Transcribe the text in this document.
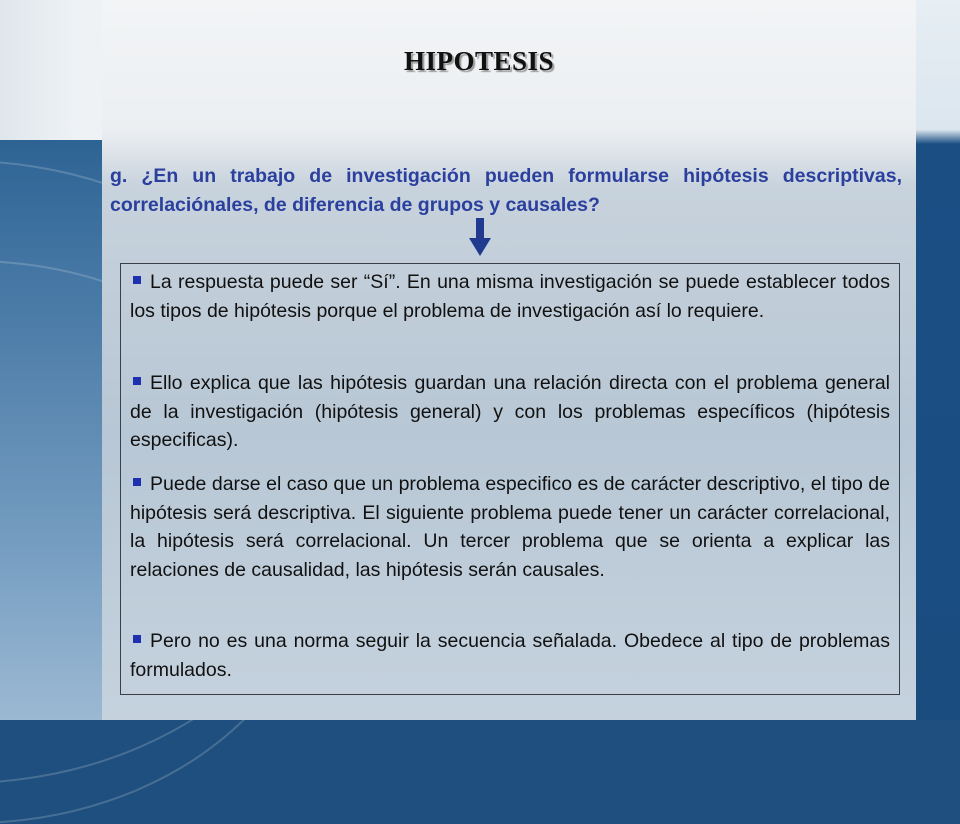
HIPOTESIS
g. ¿En un trabajo de investigación pueden formularse hipótesis descriptivas, correlaciónales, de diferencia de grupos y causales?
La respuesta puede ser “Sí”. En una misma investigación se puede establecer todos los tipos de hipótesis porque el problema de investigación así lo requiere.
Ello explica que las hipótesis guardan una relación directa con el problema general de la investigación (hipótesis general) y con los problemas específicos (hipótesis especificas).
Puede darse el caso que un problema especifico es de carácter descriptivo, el tipo de hipótesis será descriptiva. El siguiente problema puede tener un carácter correlacional, la hipótesis será correlacional. Un tercer problema que se orienta a explicar las relaciones de causalidad, las hipótesis serán causales.
Pero no es una norma seguir la secuencia señalada. Obedece al tipo de problemas formulados.
